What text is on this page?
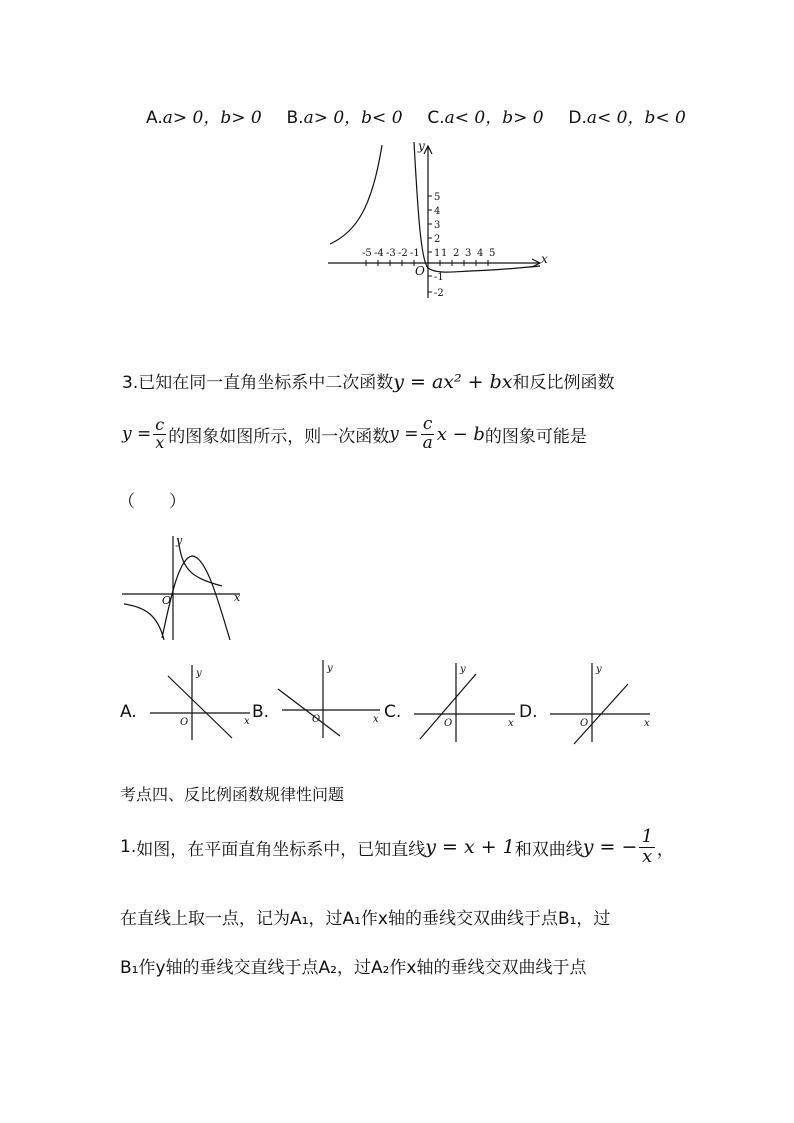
A.a> 0，b> 0 B.a> 0，b< 0 C.a< 0，b> 0 D.a< 0，b< 0
-5 -4 -3 -2 -1 1 2 3 4 5
1
2
3
4
5
-1
-2
x
y
O
3.已知在同一直角坐标系中二次函数y = ax² + bx和反比例函数
$y = \frac{c}{x}$ 的图象如图所示，则一次函数 $y = \frac{c}{a}$ x − b 的图象可能是
（　　）
y
x
O
A.
y
x
O
B.
y
x
O	C.
y
x
O
D.
y
x
O
考点四、反比例函数规律性问题
1. 如图，在平面直角坐标系中，已知直线 y = x + 1 和双曲线 y = − $\frac{1}{x}$ ，
在直线上取一点，记为A₁，过A₁作x轴的垂线交双曲线于点B₁，过
B₁作y轴的垂线交直线于点A₂，过A₂作x轴的垂线交双曲线于点
